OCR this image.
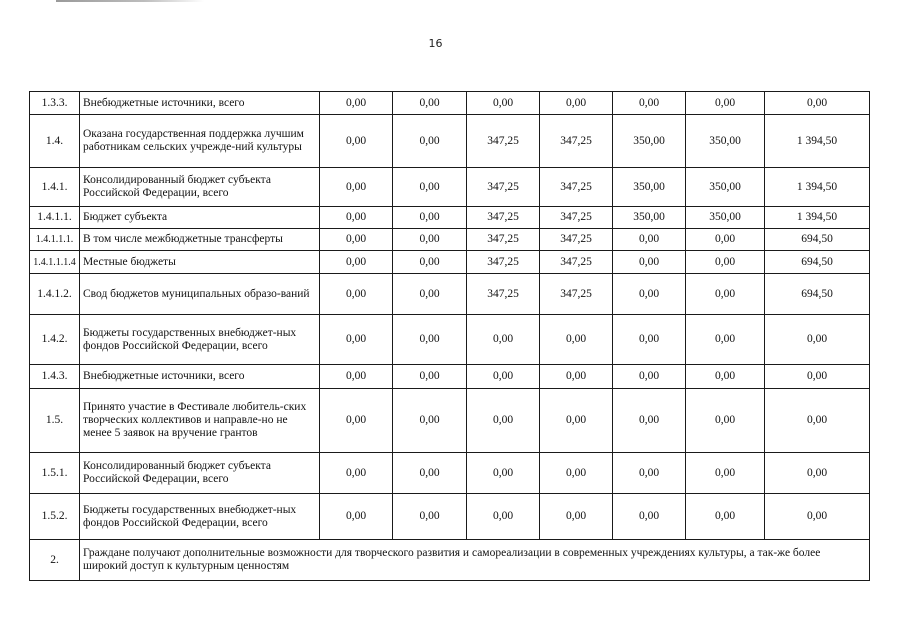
16
1.3.3.	Внебюджетные источники, всего	0,00	0,00	0,00	0,00	0,00	0,00	0,00
1.4.	Оказана государственная поддержка лучшим работникам сельских учрежде-ний культуры	0,00	0,00	347,25	347,25	350,00	350,00	1 394,50
1.4.1.	Консолидированный бюджет субъекта Российской Федерации, всего	0,00	0,00	347,25	347,25	350,00	350,00	1 394,50
1.4.1.1.	Бюджет субъекта	0,00	0,00	347,25	347,25	350,00	350,00	1 394,50
1.4.1.1.1.	В том числе межбюджетные трансферты	0,00	0,00	347,25	347,25	0,00	0,00	694,50
1.4.1.1.1.4	Местные бюджеты	0,00	0,00	347,25	347,25	0,00	0,00	694,50
1.4.1.2.	Свод бюджетов муниципальных образо-ваний	0,00	0,00	347,25	347,25	0,00	0,00	694,50
1.4.2.	Бюджеты государственных внебюджет-ных фондов Российской Федерации, всего	0,00	0,00	0,00	0,00	0,00	0,00	0,00
1.4.3.	Внебюджетные источники, всего	0,00	0,00	0,00	0,00	0,00	0,00	0,00
1.5.	Принято участие в Фестивале любитель-ских творческих коллективов и направле-но не менее 5 заявок на вручение грантов	0,00	0,00	0,00	0,00	0,00	0,00	0,00
1.5.1.	Консолидированный бюджет субъекта Российской Федерации, всего	0,00	0,00	0,00	0,00	0,00	0,00	0,00
1.5.2.	Бюджеты государственных внебюджет-ных фондов Российской Федерации, всего	0,00	0,00	0,00	0,00	0,00	0,00	0,00
2.	Граждане получают дополнительные возможности для творческого развития и самореализации в современных учреждениях культуры, а так-же более широкий доступ к культурным ценностям							
